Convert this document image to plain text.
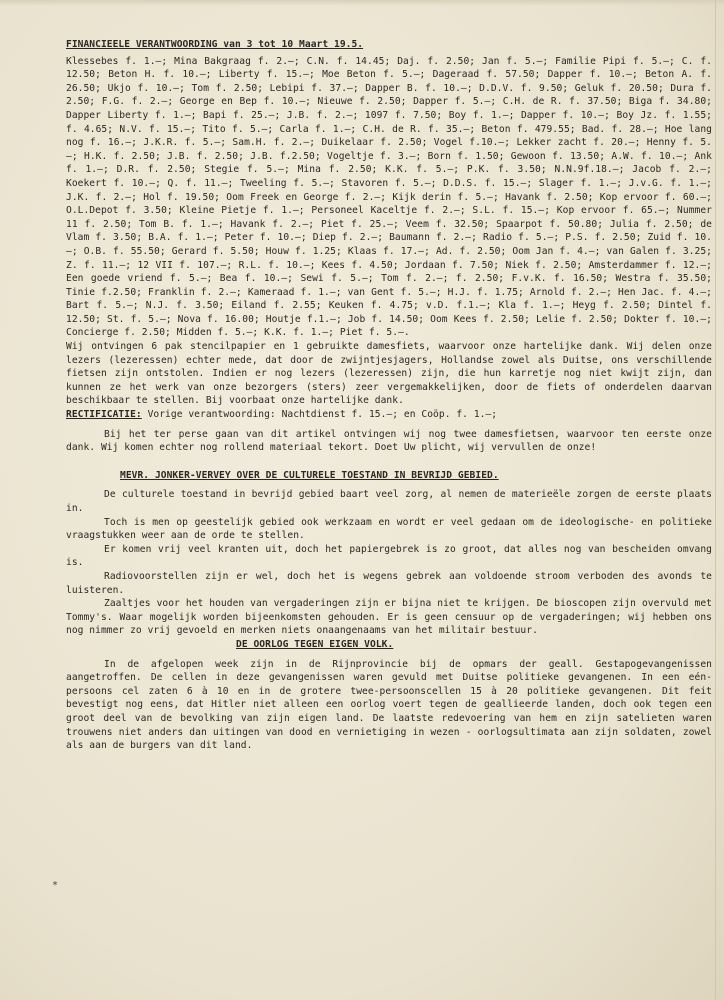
FINANCIEELE VERANTWOORDING van 3 tot 10 Maart 19.5.

Klessebes f. 1.—; Mina Bakgraag f. 2.—; C.N. f. 14.45; Daj. f. 2.50; Jan f. 5.—; Familie Pipi f. 5.—; C. f. 12.50; Beton H. f. 10.—; Liberty f. 15.—; Moe Beton f. 5.—; Dageraad f. 57.50; Dapper f. 10.—; Beton A. f. 26.50; Ukjo f. 10.—; Tom f. 2.50; Lebipi f. 37.—; Dapper B. f. 10.—; D.D.V. f. 9.50; Geluk f. 20.50; Dura f. 2.50; F.G. f. 2.—; George en Bep f. 10.—; Nieuwe f. 2.50; Dapper f. 5.—; C.H. de R. f. 37.50; Biga f. 34.80; Dapper Liberty f. 1.—; Bapi f. 25.—; J.B. f. 2.—; 1097 f. 7.50; Boy f. 1.—; Dapper f. 10.—; Boy Jz. f. 1.55; f. 4.65; N.V. f. 15.—; Tito f. 5.—; Carla f. 1.—; C.H. de R. f. 35.—; Beton f. 479.55; Bad. f. 28.—; Hoe lang nog f. 16.—; J.K.R. f. 5.—; Sam.H. f. 2.—; Duikelaar f. 2.50; Vogel f.10.—; Lekker zacht f. 20.—; Henny f. 5.—; H.K. f. 2.50; J.B. f. 2.50; J.B. f.2.50; Vogeltje f. 3.—; Born f. 1.50; Gewoon f. 13.50; A.W. f. 10.—; Ank f. 1.—; D.R. f. 2.50; Stegie f. 5.—; Mina f. 2.50; K.K. f. 5.—; P.K. f. 3.50; N.N.9f.18.—; Jacob f. 2.—; Koekert f. 10.—; Q. f. 11.—; Tweeling f. 5.—; Stavoren f. 5.—; D.D.S. f. 15.—; Slager f. 1.—; J.v.G. f. 1.—; J.K. f. 2.—; Hol f. 19.50; Oom Freek en George f. 2.—; Kijk derin f. 5.—; Havank f. 2.50; Kop ervoor f. 60.—; O.L.Depot f. 3.50; Kleine Pietje f. 1.—; Personeel Kaceltje f. 2.—; S.L. f. 15.—; Kop ervoor f. 65.—; Nummer 11 f. 2.50; Tom B. f. 1.—; Havank f. 2.—; Piet f. 25.—; Veem f. 32.50; Spaarpot f. 50.80; Julia f. 2.50; de Vlam f. 3.50; B.A. f. 1.—; Peter f. 10.—; Diep f. 2.—; Baumann f. 2.—; Radio f. 5.—; P.S. f. 2.50; Zuid f. 10.—; O.B. f. 55.50; Gerard f. 5.50; Houw f. 1.25; Klaas f. 17.—; Ad. f. 2.50; Oom Jan f. 4.—; van Galen f. 3.25; Z. f. 11.—; 12 VII f. 107.—; R.L. f. 10.—; Kees f. 4.50; Jordaan f. 7.50; Niek f. 2.50; Amsterdammer f. 12.—; Een goede vriend f. 5.—; Bea f. 10.—; Sewi f. 5.—; Tom f. 2.—; f. 2.50; F.v.K. f. 16.50; Westra f. 35.50; Tinie f.2.50; Franklin f. 2.—; Kameraad f. 1.—; van Gent f. 5.—; H.J. f. 1.75; Arnold f. 2.—; Hen Jac. f. 4.—; Bart f. 5.—; N.J. f. 3.50; Eiland f. 2.55; Keuken f. 4.75; v.D. f.1.—; Kla f. 1.—; Heyg f. 2.50; Dintel f. 12.50; St. f. 5.—; Nova f. 16.00; Houtje f.1.—; Job f. 14.50; Oom Kees f. 2.50; Lelie f. 2.50; Dokter f. 10.—; Concierge f. 2.50; Midden f. 5.—; K.K. f. 1.—; Piet f. 5.—.

Wij ontvingen 6 pak stencilpapier en 1 gebruikte damesfiets, waarvoor onze hartelijke dank. Wij delen onze lezers (lezeressen) echter mede, dat door de zwijntjesjagers, Hollandse zowel als Duitse, ons verschillende fietsen zijn ontstolen. Indien er nog lezers (lezeressen) zijn, die hun karretje nog niet kwijt zijn, dan kunnen ze het werk van onze bezorgers (sters) zeer vergemakkelijken, door de fiets of onderdelen daarvan beschikbaar te stellen. Bij voorbaat onze hartelijke dank.

RECTIFICATIE: Vorige verantwoording: Nachtdienst f. 15.—; en Coöp. f. 1.—;

Bij het ter perse gaan van dit artikel ontvingen wij nog twee damesfietsen, waarvoor ten eerste onze dank. Wij komen echter nog rollend materiaal tekort. Doet Uw plicht, wij vervullen de onze!

MEVR. JONKER-VERVEY OVER DE CULTURELE TOESTAND IN BEVRIJD GEBIED.

De culturele toestand in bevrijd gebied baart veel zorg, al nemen de materieële zorgen de eerste plaats in.

Toch is men op geestelijk gebied ook werkzaam en wordt er veel gedaan om de ideologische- en politieke vraagstukken weer aan de orde te stellen.

Er komen vrij veel kranten uit, doch het papiergebrek is zo groot, dat alles nog van bescheiden omvang is.

Radiovoorstellen zijn er wel, doch het is wegens gebrek aan voldoende stroom verboden des avonds te luisteren.

Zaaltjes voor het houden van vergaderingen zijn er bijna niet te krijgen. De bioscopen zijn overvuld met Tommy's. Waar mogelijk worden bijeenkomsten gehouden. Er is geen censuur op de vergaderingen; wij hebben ons nog nimmer zo vrij gevoeld en merken niets onaangenaams van het militair bestuur.

DE OORLOG TEGEN EIGEN VOLK.

In de afgelopen week zijn in de Rijnprovincie bij de opmars der geall. Gestapogevangenissen aangetroffen. De cellen in deze gevangenissen waren gevuld met Duitse politieke gevangenen. In een eén-persoons cel zaten 6 à 10 en in de grotere twee-persoonscellen 15 à 20 politieke gevangenen. Dit feit bevestigt nog eens, dat Hitler niet alleen een oorlog voert tegen de geallieerde landen, doch ook tegen een groot deel van de bevolking van zijn eigen land. De laatste redevoering van hem en zijn satelieten waren trouwens niet anders dan uitingen van dood en vernietiging in wezen - oorlogsultimata aan zijn soldaten, zowel als aan de burgers van dit land.

*
